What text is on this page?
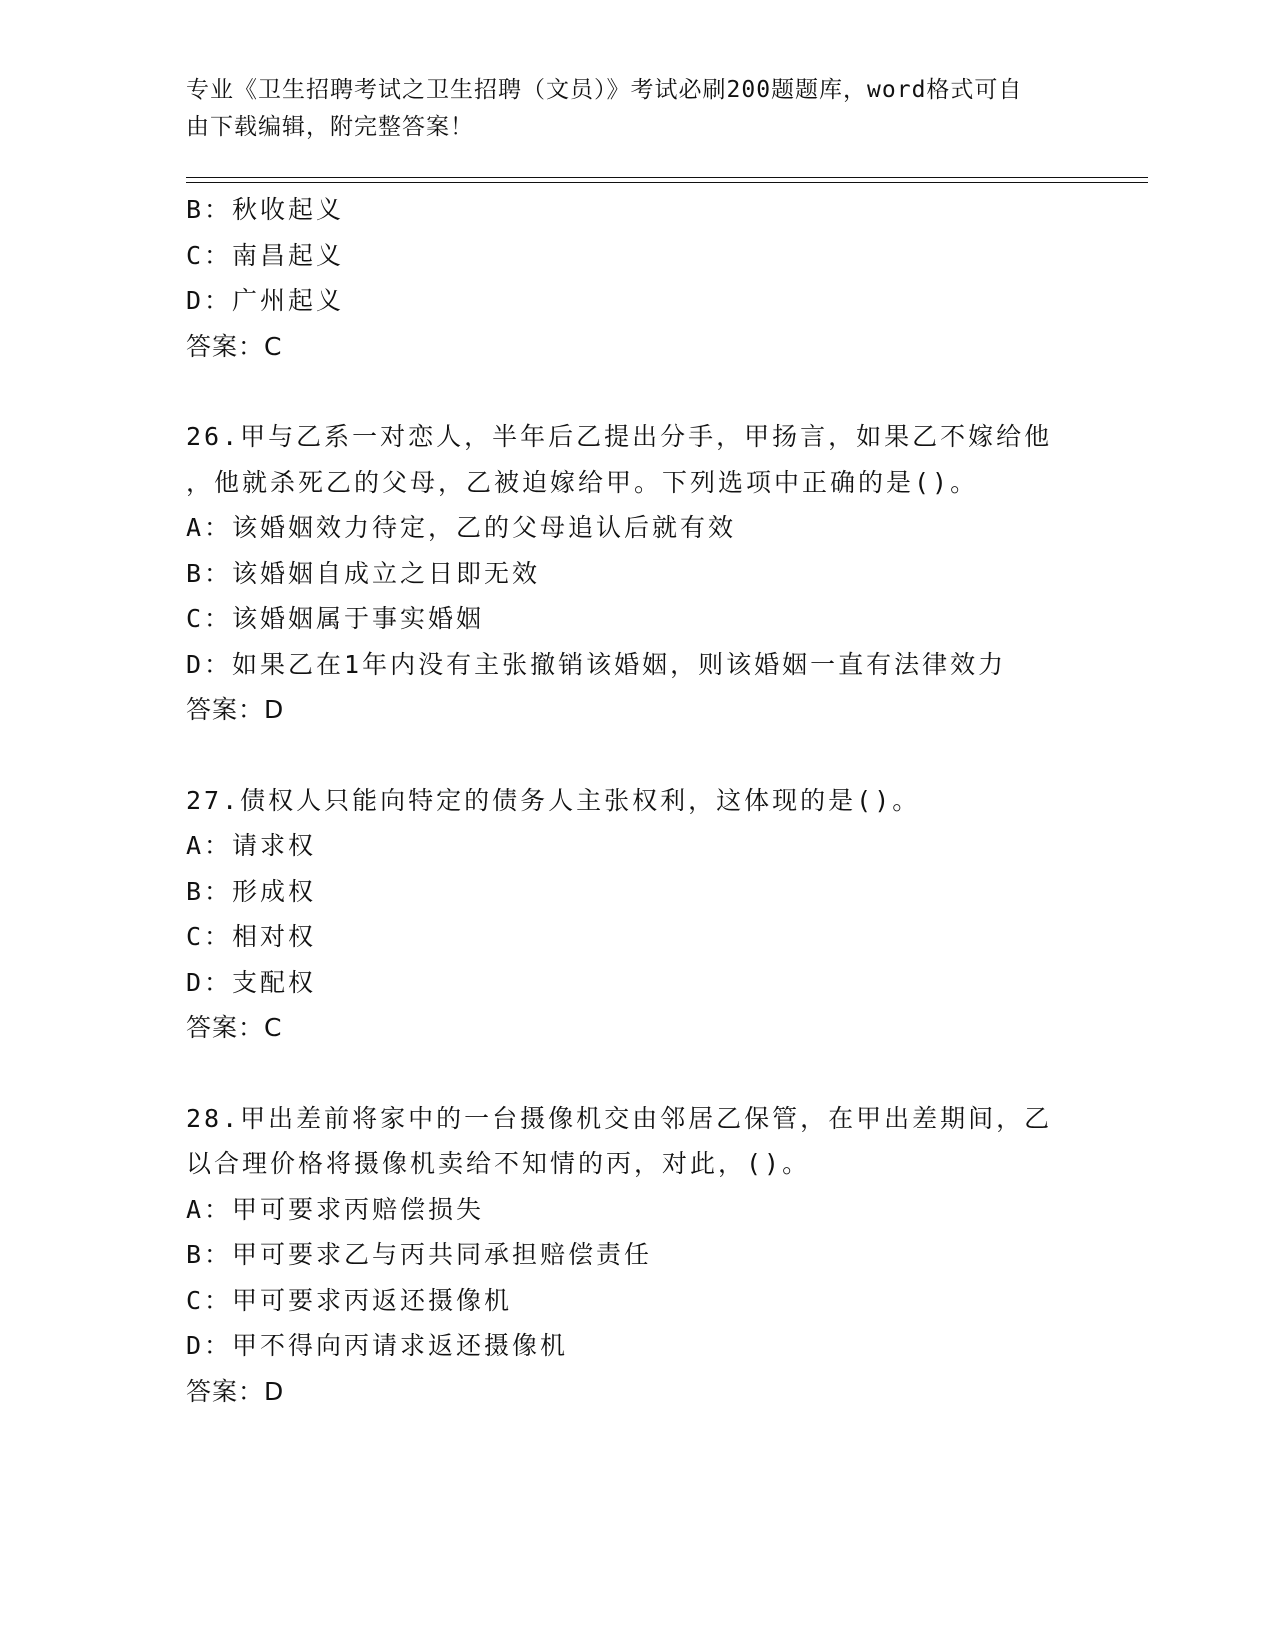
专业《卫生招聘考试之卫生招聘（文员）》考试必刷200题题库，word格式可自
由下载编辑，附完整答案！
B：秋收起义
C：南昌起义
D：广州起义
答案：C
26.甲与乙系一对恋人，半年后乙提出分手，甲扬言，如果乙不嫁给他
，他就杀死乙的父母，乙被迫嫁给甲。下列选项中正确的是()。
A：该婚姻效力待定，乙的父母追认后就有效
B：该婚姻自成立之日即无效
C：该婚姻属于事实婚姻
D：如果乙在1年内没有主张撤销该婚姻，则该婚姻一直有法律效力
答案：D
27.债权人只能向特定的债务人主张权利，这体现的是()。
A：请求权
B：形成权
C：相对权
D：支配权
答案：C
28.甲出差前将家中的一台摄像机交由邻居乙保管，在甲出差期间，乙
以合理价格将摄像机卖给不知情的丙，对此，()。
A：甲可要求丙赔偿损失
B：甲可要求乙与丙共同承担赔偿责任
C：甲可要求丙返还摄像机
D：甲不得向丙请求返还摄像机
答案：D
